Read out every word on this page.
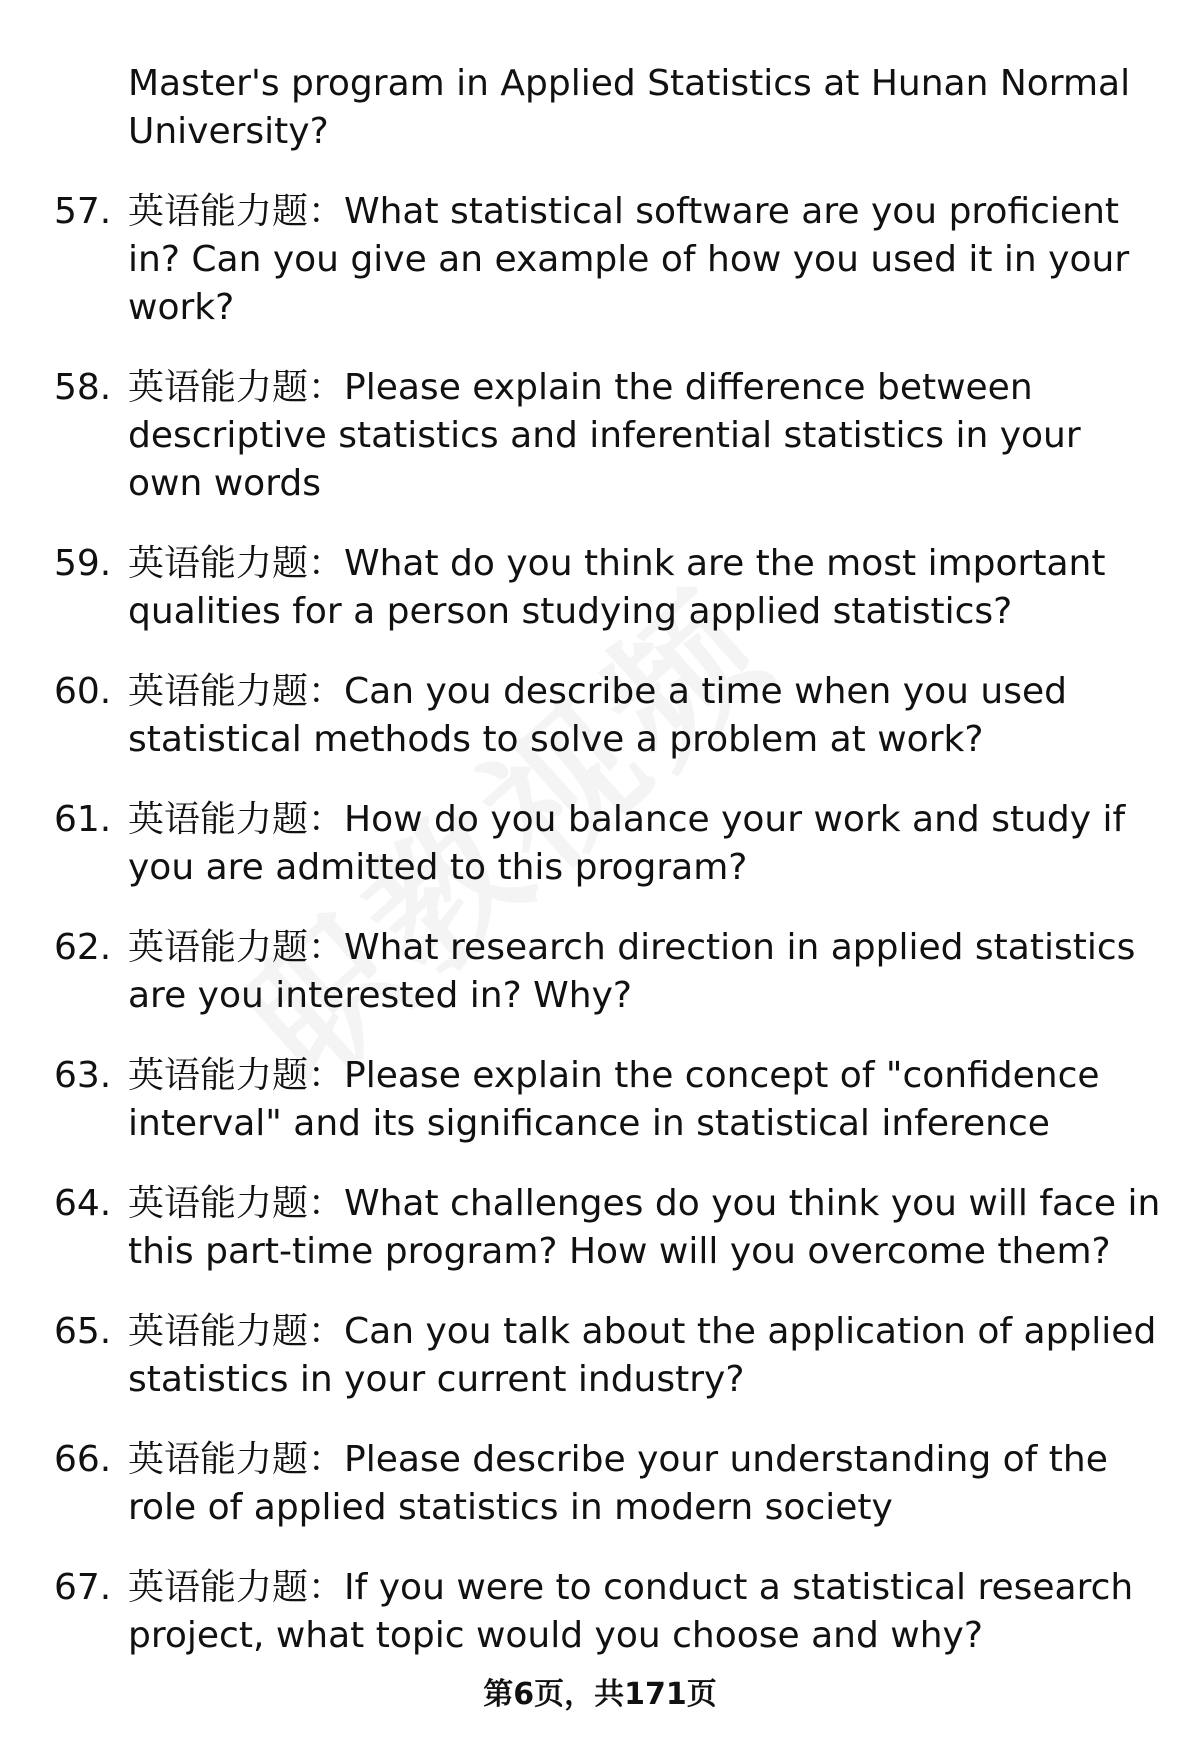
Master's program in Applied Statistics at Hunan Normal University?
57. 英语能力题：What statistical software are you proficient in? Can you give an example of how you used it in your work?
58. 英语能力题：Please explain the difference between descriptive statistics and inferential statistics in your own words
59. 英语能力题：What do you think are the most important qualities for a person studying applied statistics?
60. 英语能力题：Can you describe a time when you used statistical methods to solve a problem at work?
61. 英语能力题：How do you balance your work and study if you are admitted to this program?
62. 英语能力题：What research direction in applied statistics are you interested in? Why?
63. 英语能力题：Please explain the concept of "confidence interval" and its significance in statistical inference
64. 英语能力题：What challenges do you think you will face in this part-time program? How will you overcome them?
65. 英语能力题：Can you talk about the application of applied statistics in your current industry?
66. 英语能力题：Please describe your understanding of the role of applied statistics in modern society
67. 英语能力题：If you were to conduct a statistical research project, what topic would you choose and why?
第6页，共171页
